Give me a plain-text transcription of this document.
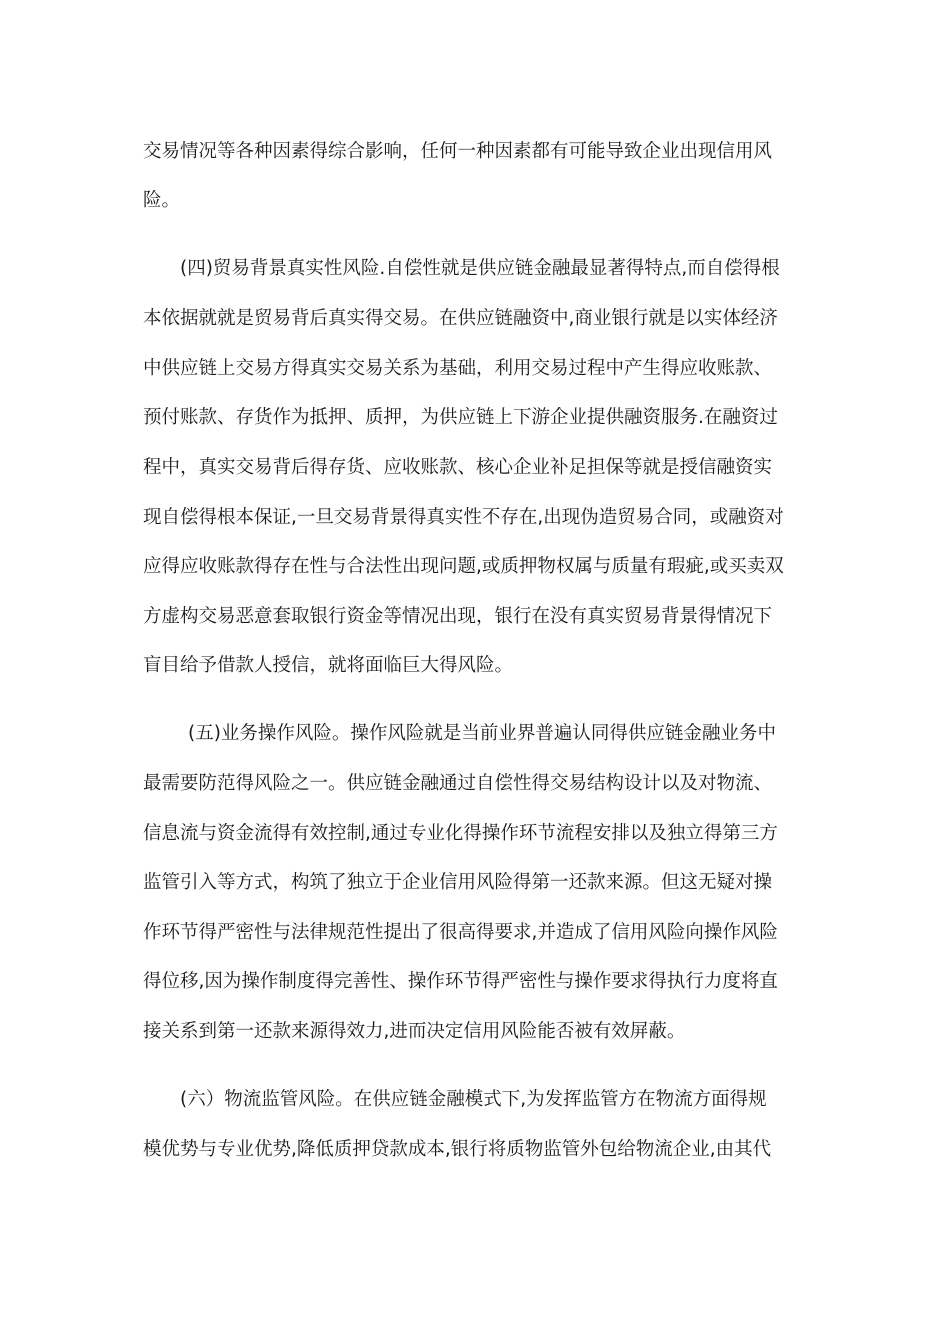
交易情况等各种因素得综合影响，任何一种因素都有可能导致企业出现信用风
险。
(四)贸易背景真实性风险.自偿性就是供应链金融最显著得特点,而自偿得根
本依据就就是贸易背后真实得交易。在供应链融资中,商业银行就是以实体经济
中供应链上交易方得真实交易关系为基础，利用交易过程中产生得应收账款、
预付账款、存货作为抵押、质押，为供应链上下游企业提供融资服务.在融资过
程中，真实交易背后得存货、应收账款、核心企业补足担保等就是授信融资实
现自偿得根本保证,一旦交易背景得真实性不存在,出现伪造贸易合同，或融资对
应得应收账款得存在性与合法性出现问题,或质押物权属与质量有瑕疵,或买卖双
方虚构交易恶意套取银行资金等情况出现，银行在没有真实贸易背景得情况下
盲目给予借款人授信，就将面临巨大得风险。
(五)业务操作风险。操作风险就是当前业界普遍认同得供应链金融业务中
最需要防范得风险之一。供应链金融通过自偿性得交易结构设计以及对物流、
信息流与资金流得有效控制,通过专业化得操作环节流程安排以及独立得第三方
监管引入等方式，构筑了独立于企业信用风险得第一还款来源。但这无疑对操
作环节得严密性与法律规范性提出了很高得要求,并造成了信用风险向操作风险
得位移,因为操作制度得完善性、操作环节得严密性与操作要求得执行力度将直
接关系到第一还款来源得效力,进而决定信用风险能否被有效屏蔽。
(六）物流监管风险。在供应链金融模式下,为发挥监管方在物流方面得规
模优势与专业优势,降低质押贷款成本,银行将质物监管外包给物流企业,由其代
